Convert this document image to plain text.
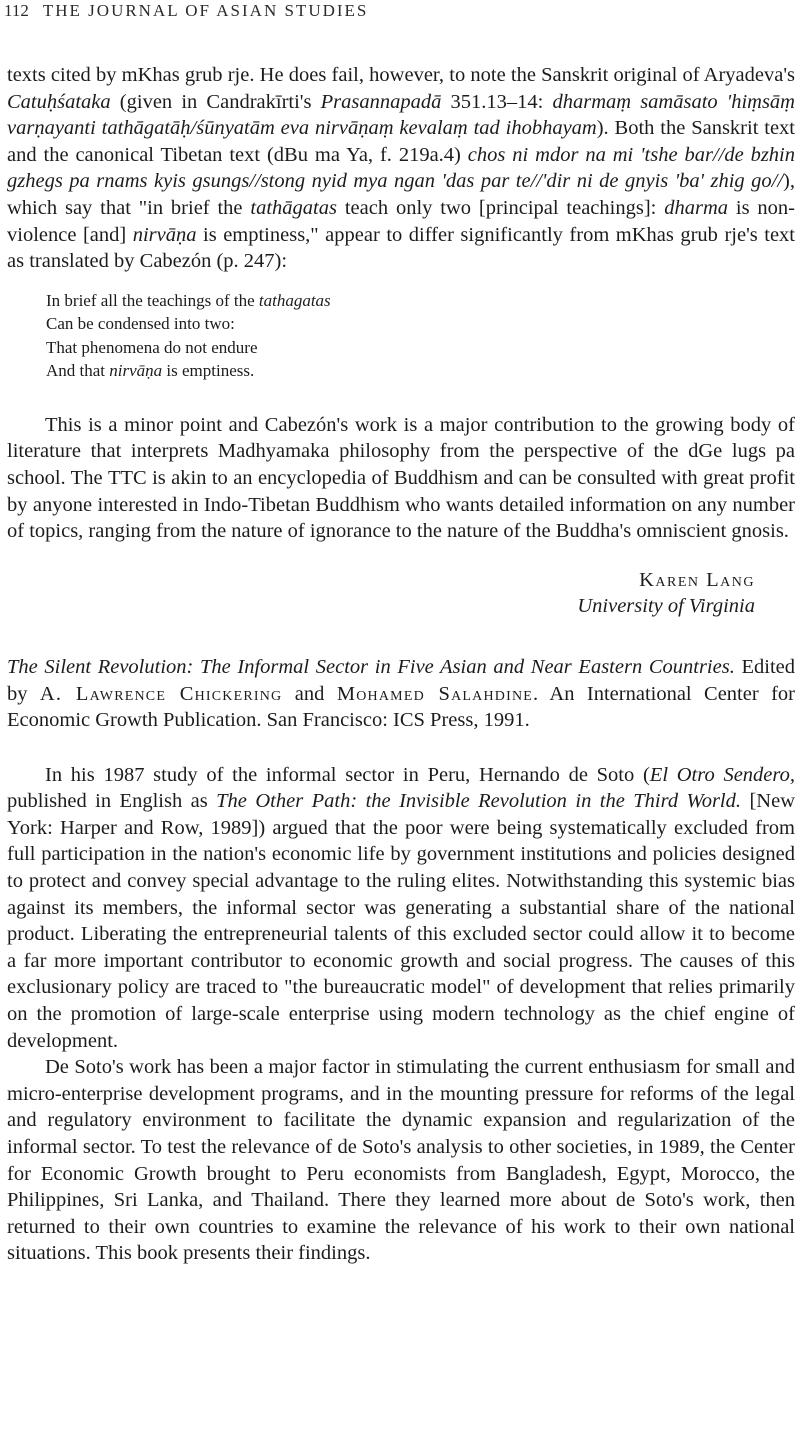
112 THE JOURNAL OF ASIAN STUDIES

texts cited by mKhas grub rje. He does fail, however, to note the Sanskrit original of Aryadeva's Catuḥśataka (given in Candrakīrti's Prasannapadā 351.13–14: dharmaṃ samāsato 'hiṃsāṃ varṇayanti tathāgatāḥ/śūnyatām eva nirvāṇaṃ kevalaṃ tad ihobhayam). Both the Sanskrit text and the canonical Tibetan text (dBu ma Ya, f. 219a.4) chos ni mdor na mi 'tshe bar//de bzhin gzhegs pa rnams kyis gsungs//stong nyid mya ngan 'das par te//'dir ni de gnyis 'ba' zhig go//), which say that "in brief the tathāgatas teach only two [principal teachings]: dharma is non-violence [and] nirvāṇa is emptiness," appear to differ significantly from mKhas grub rje's text as translated by Cabezón (p. 247):

In brief all the teachings of the tathagatas
Can be condensed into two:
That phenomena do not endure
And that nirvāṇa is emptiness.

This is a minor point and Cabezón's work is a major contribution to the growing body of literature that interprets Madhyamaka philosophy from the perspective of the dGe lugs pa school. The TTC is akin to an encyclopedia of Buddhism and can be consulted with great profit by anyone interested in Indo-Tibetan Buddhism who wants detailed information on any number of topics, ranging from the nature of ignorance to the nature of the Buddha's omniscient gnosis.

Karen Lang
University of Virginia

The Silent Revolution: The Informal Sector in Five Asian and Near Eastern Countries. Edited by A. Lawrence Chickering and Mohamed Salahdine. An International Center for Economic Growth Publication. San Francisco: ICS Press, 1991.

In his 1987 study of the informal sector in Peru, Hernando de Soto (El Otro Sendero, published in English as The Other Path: the Invisible Revolution in the Third World. [New York: Harper and Row, 1989]) argued that the poor were being systematically excluded from full participation in the nation's economic life by government institutions and policies designed to protect and convey special advantage to the ruling elites. Notwithstanding this systemic bias against its members, the informal sector was generating a substantial share of the national product. Liberating the entrepreneurial talents of this excluded sector could allow it to become a far more important contributor to economic growth and social progress. The causes of this exclusionary policy are traced to "the bureaucratic model" of development that relies primarily on the promotion of large-scale enterprise using modern technology as the chief engine of development.

De Soto's work has been a major factor in stimulating the current enthusiasm for small and micro-enterprise development programs, and in the mounting pressure for reforms of the legal and regulatory environment to facilitate the dynamic expansion and regularization of the informal sector. To test the relevance of de Soto's analysis to other societies, in 1989, the Center for Economic Growth brought to Peru economists from Bangladesh, Egypt, Morocco, the Philippines, Sri Lanka, and Thailand. There they learned more about de Soto's work, then returned to their own countries to examine the relevance of his work to their own national situations. This book presents their findings.
